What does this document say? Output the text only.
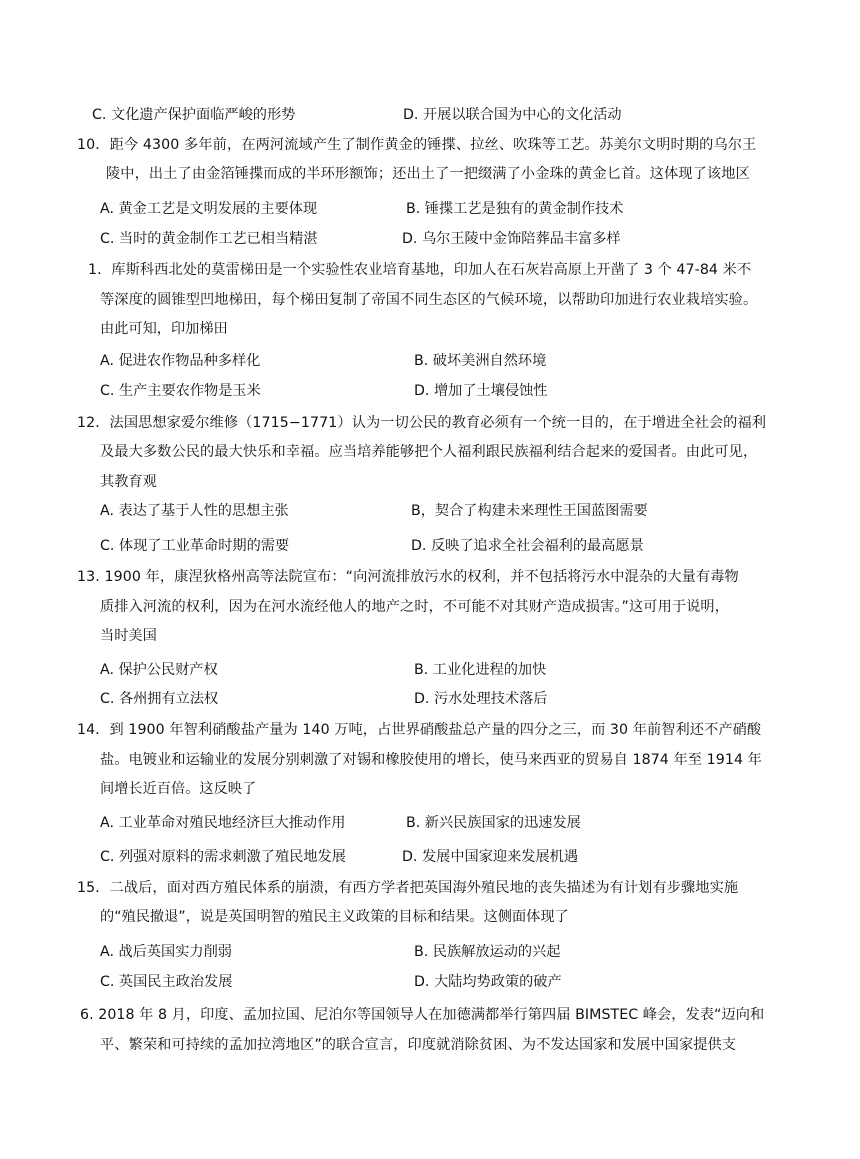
C. 文化遗产保护面临严峻的形势	D. 开展以联合国为中心的文化活动
10．距今 4300 多年前，在两河流域产生了制作黄金的锤揲、拉丝、吹珠等工艺。苏美尔文明时期的乌尔王
陵中，出土了由金箔锤揲而成的半环形额饰；还出土了一把缀满了小金珠的黄金匕首。这体现了该地区
A. 黄金工艺是文明发展的主要体现	B. 锤揲工艺是独有的黄金制作技术
C. 当时的黄金制作工艺已相当精湛	D. 乌尔王陵中金饰陪葬品丰富多样
1．库斯科西北处的莫雷梯田是一个实验性农业培育基地，印加人在石灰岩高原上开凿了 3 个 47-84 米不
等深度的圆锥型凹地梯田，每个梯田复制了帝国不同生态区的气候环境，以帮助印加进行农业栽培实验。
由此可知，印加梯田
A. 促进农作物品种多样化	B. 破坏美洲自然环境
C. 生产主要农作物是玉米	D. 增加了土壤侵蚀性
12．法国思想家爱尔维修（1715−1771）认为一切公民的教育必须有一个统一目的，在于增进全社会的福利
及最大多数公民的最大快乐和幸福。应当培养能够把个人福利跟民族福利结合起来的爱国者。由此可见，
其教育观
A. 表达了基于人性的思想主张	B，契合了构建未来理性王国蓝图需要
C. 体现了工业革命时期的需要	D. 反映了追求全社会福利的最高愿景
13. 1900 年，康涅狄格州高等法院宣布：“向河流排放污水的权利，并不包括将污水中混杂的大量有毒物
质排入河流的权利，因为在河水流经他人的地产之时，不可能不对其财产造成损害。”这可用于说明，
当时美国
A. 保护公民财产权	B. 工业化进程的加快
C. 各州拥有立法权	D. 污水处理技术落后
14．到 1900 年智利硝酸盐产量为 140 万吨，占世界硝酸盐总产量的四分之三，而 30 年前智利还不产硝酸
盐。电镀业和运输业的发展分别刺激了对锡和橡胶使用的增长，使马来西亚的贸易自 1874 年至 1914 年
间增长近百倍。这反映了
A. 工业革命对殖民地经济巨大推动作用	B. 新兴民族国家的迅速发展
C. 列强对原料的需求刺激了殖民地发展	D. 发展中国家迎来发展机遇
15．二战后，面对西方殖民体系的崩溃，有西方学者把英国海外殖民地的丧失描述为有计划有步骤地实施
的“殖民撤退”，说是英国明智的殖民主义政策的目标和结果。这侧面体现了
A. 战后英国实力削弱	B. 民族解放运动的兴起
C. 英国民主政治发展	D. 大陆均势政策的破产
6. 2018 年 8 月，印度、孟加拉国、尼泊尔等国领导人在加德满都举行第四届 BIMSTEC 峰会，发表“迈向和
平、繁荣和可持续的孟加拉湾地区”的联合宣言，印度就消除贫困、为不发达国家和发展中国家提供支
